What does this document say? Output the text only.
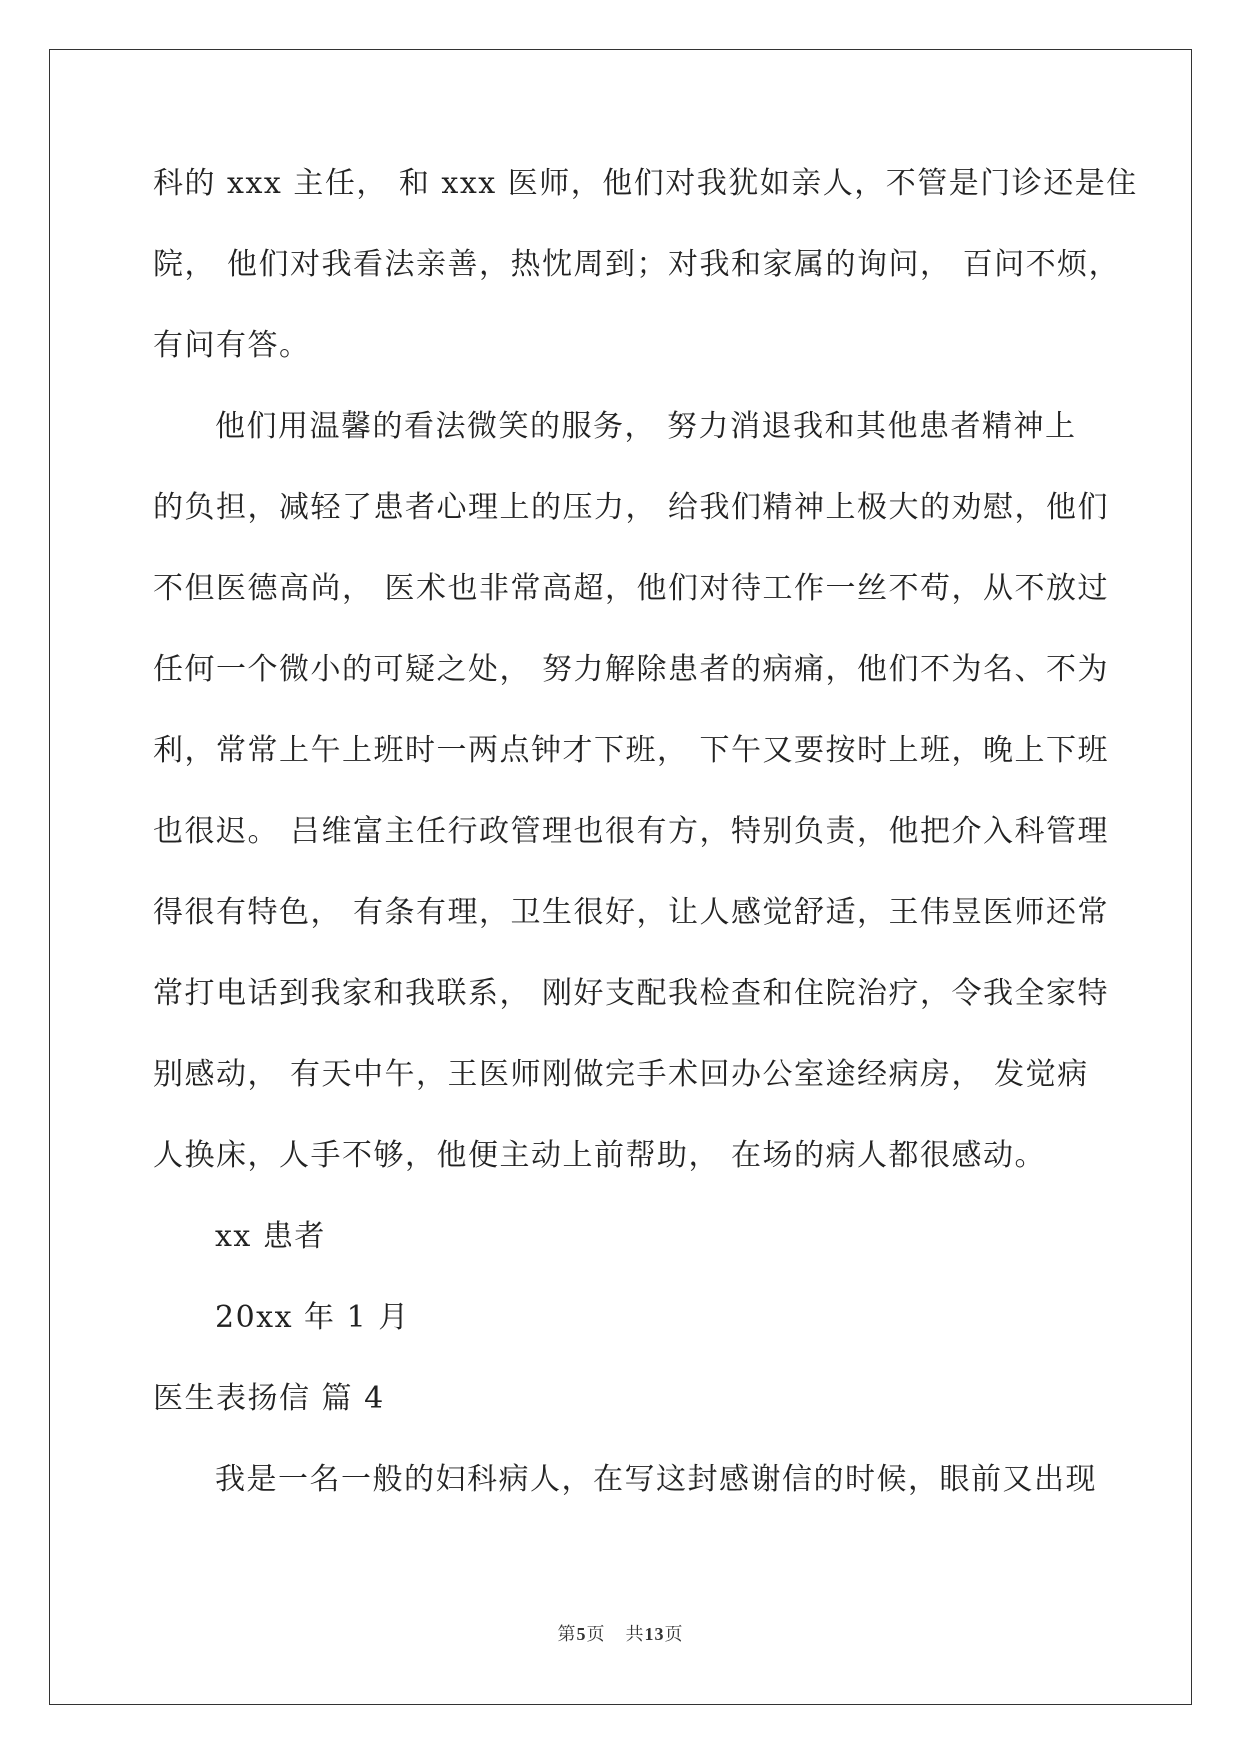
科的 xxx 主任， 和 xxx 医师，他们对我犹如亲人，不管是门诊还是住
院， 他们对我看法亲善，热忱周到；对我和家属的询问， 百问不烦，
有问有答。
他们用温馨的看法微笑的服务， 努力消退我和其他患者精神上
的负担，减轻了患者心理上的压力， 给我们精神上极大的劝慰，他们
不但医德高尚， 医术也非常高超，他们对待工作一丝不苟，从不放过
任何一个微小的可疑之处， 努力解除患者的病痛，他们不为名、不为
利，常常上午上班时一两点钟才下班， 下午又要按时上班，晚上下班
也很迟。 吕维富主任行政管理也很有方，特别负责，他把介入科管理
得很有特色， 有条有理，卫生很好，让人感觉舒适，王伟昱医师还常
常打电话到我家和我联系， 刚好支配我检查和住院治疗，令我全家特
别感动， 有天中午，王医师刚做完手术回办公室途经病房， 发觉病
人换床，人手不够，他便主动上前帮助， 在场的病人都很感动。
xx 患者
20xx 年 1 月
医生表扬信 篇 4
我是一名一般的妇科病人，在写这封感谢信的时候，眼前又出现
第5页 共13页
